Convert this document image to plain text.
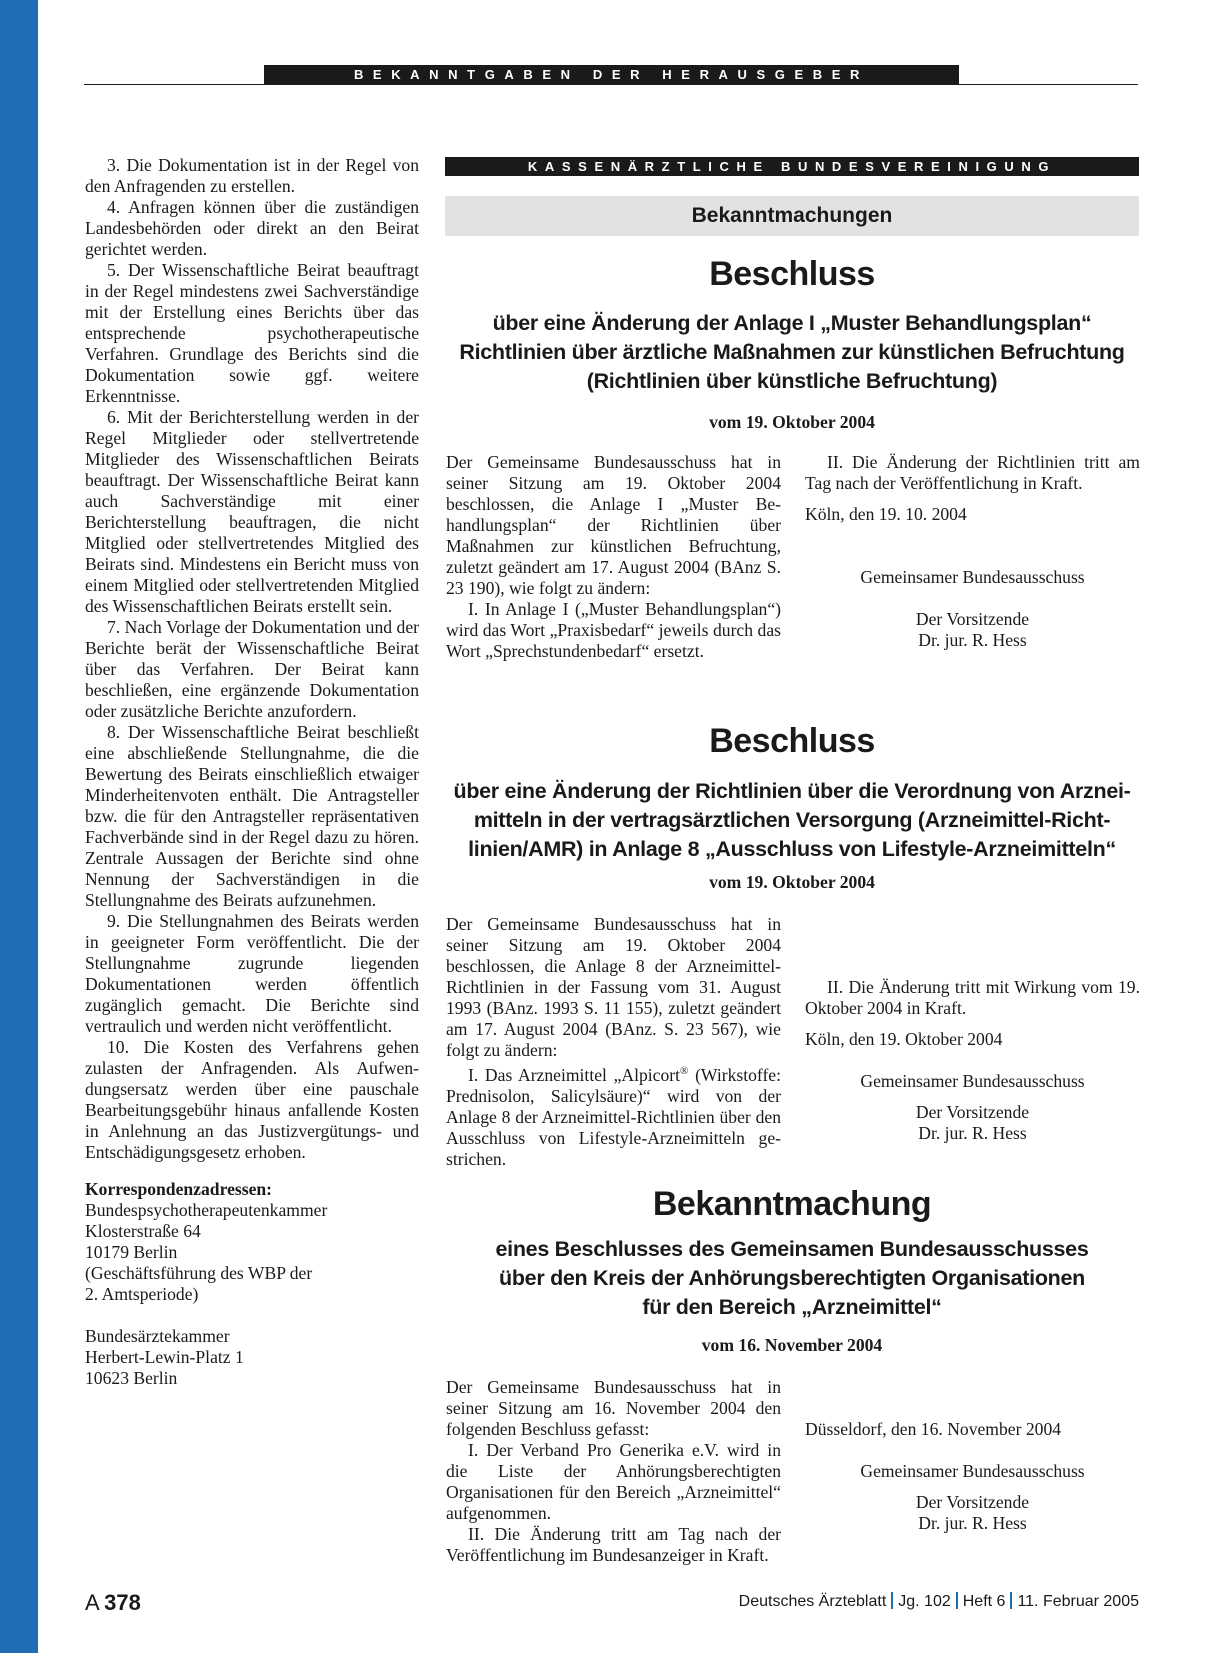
BEKANNTGABEN DER HERAUSGEBER

3. Die Dokumentation ist in der Regel von den Anfragenden zu erstellen.

4. Anfragen können über die zuständigen Landesbehörden oder direkt an den Beirat gerichtet werden.

5. Der Wissenschaftliche Beirat beauftragt in der Regel mindestens zwei Sachverständige mit der Erstellung eines Berichts über das entsprechende psychotherapeutische Verfahren. Grundlage des Berichts sind die Dokumentation sowie ggf. weitere Erkenntnisse.

6. Mit der Berichterstellung werden in der Regel Mitglieder oder stellvertretende Mitglieder des Wissenschaftlichen Beirats beauftragt. Der Wissenschaftliche Beirat kann auch Sachverständige mit einer Berichterstellung beauftragen, die nicht Mitglied oder stellvertretendes Mitglied des Beirats sind. Mindestens ein Bericht muss von einem Mitglied oder stellvertretenden Mitglied des Wissenschaftlichen Beirats erstellt sein.

7. Nach Vorlage der Dokumentation und der Berichte berät der Wissenschaftliche Beirat über das Verfahren. Der Beirat kann beschließen, eine ergänzende Dokumentation oder zusätzliche Berichte anzufordern.

8. Der Wissenschaftliche Beirat beschließt eine abschließende Stellungnahme, die die Bewertung des Beirats einschließlich etwaiger Minderheitenvoten enthält. Die Antragsteller bzw. die für den Antragsteller repräsentativen Fachverbände sind in der Regel dazu zu hören. Zentrale Aussagen der Berichte sind ohne Nennung der Sachverständigen in die Stellungnahme des Beirats aufzunehmen.

9. Die Stellungnahmen des Beirats werden in geeigneter Form veröffentlicht. Die der Stellungnahme zugrunde liegenden Dokumentationen werden öffentlich zugänglich gemacht. Die Berichte sind vertraulich und werden nicht veröffentlicht.

10. Die Kosten des Verfahrens gehen zulasten der Anfragenden. Als Aufwendungsersatz werden über eine pauschale Bearbeitungsgebühr hinaus anfallende Kosten in Anlehnung an das Justizvergütungs- und Entschädigungsgesetz erhoben.

Korrespondenzadressen:
Bundespsychotherapeutenkammer
Klosterstraße 64
10179 Berlin
(Geschäftsführung des WBP der
2. Amtsperiode)
Bundesärztekammer
Herbert-Lewin-Platz 1
10623 Berlin
KASSENÄRZTLICHE BUNDESVEREINIGUNG
Bekanntmachungen
Beschluss
über eine Änderung der Anlage I „Muster Behandlungsplan“
Richtlinien über ärztliche Maßnahmen zur künstlichen Befruchtung
(Richtlinien über künstliche Befruchtung)
vom 19. Oktober 2004

Der Gemeinsame Bundesausschuss hat in seiner Sitzung am 19. Oktober 2004 beschlossen, die Anlage I „Muster Behandlungsplan“ der Richtlinien über Maßnahmen zur künstlichen Befruchtung, zuletzt geändert am 17. August 2004 (BAnz S. 23 190), wie folgt zu ändern:

I. In Anlage I („Muster Behandlungsplan“) wird das Wort „Praxisbedarf“ jeweils durch das Wort „Sprechstundenbedarf“ ersetzt.

II. Die Änderung der Richtlinien tritt am Tag nach der Veröffentlichung in Kraft.

Köln, den 19. 10. 2004

Gemeinsamer Bundesausschuss

Der Vorsitzende

Dr. jur. R. Hess

Beschluss
über eine Änderung der Richtlinien über die Verordnung von Arznei-
mitteln in der vertragsärztlichen Versorgung (Arzneimittel-Richt-
linien/AMR) in Anlage 8 „Ausschluss von Lifestyle-Arzneimitteln“
vom 19. Oktober 2004

Der Gemeinsame Bundesausschuss hat in seiner Sitzung am 19. Oktober 2004 beschlossen, die Anlage 8 der Arzneimittel-Richtlinien in der Fassung vom 31. August 1993 (BAnz. 1993 S. 11 155), zuletzt geändert am 17. August 2004 (BAnz. S. 23 567), wie folgt zu ändern:

I. Das Arzneimittel „Alpicort® (Wirkstoffe: Prednisolon, Salicylsäure)“ wird von der Anlage 8 der Arzneimittel-Richtlinien über den Ausschluss von Lifestyle-Arzneimitteln gestrichen.

II. Die Änderung tritt mit Wirkung vom 19. Oktober 2004 in Kraft.

Köln, den 19. Oktober 2004

Gemeinsamer Bundesausschuss

Der Vorsitzende

Dr. jur. R. Hess

Bekanntmachung
eines Beschlusses des Gemeinsamen Bundesausschusses
über den Kreis der Anhörungsberechtigten Organisationen
für den Bereich „Arzneimittel“
vom 16. November 2004

Der Gemeinsame Bundesausschuss hat in seiner Sitzung am 16. November 2004 den folgenden Beschluss gefasst:

I. Der Verband Pro Generika e.V. wird in die Liste der Anhörungsberechtigten Organisationen für den Bereich „Arzneimittel“ aufgenommen.

II. Die Änderung tritt am Tag nach der Veröffentlichung im Bundesanzeiger in Kraft.

Düsseldorf, den 16. November 2004

Gemeinsamer Bundesausschuss

Der Vorsitzende

Dr. jur. R. Hess

A  378	Deutsches Ärzteblatt Jg. 102 Heft 6 11. Februar 2005
